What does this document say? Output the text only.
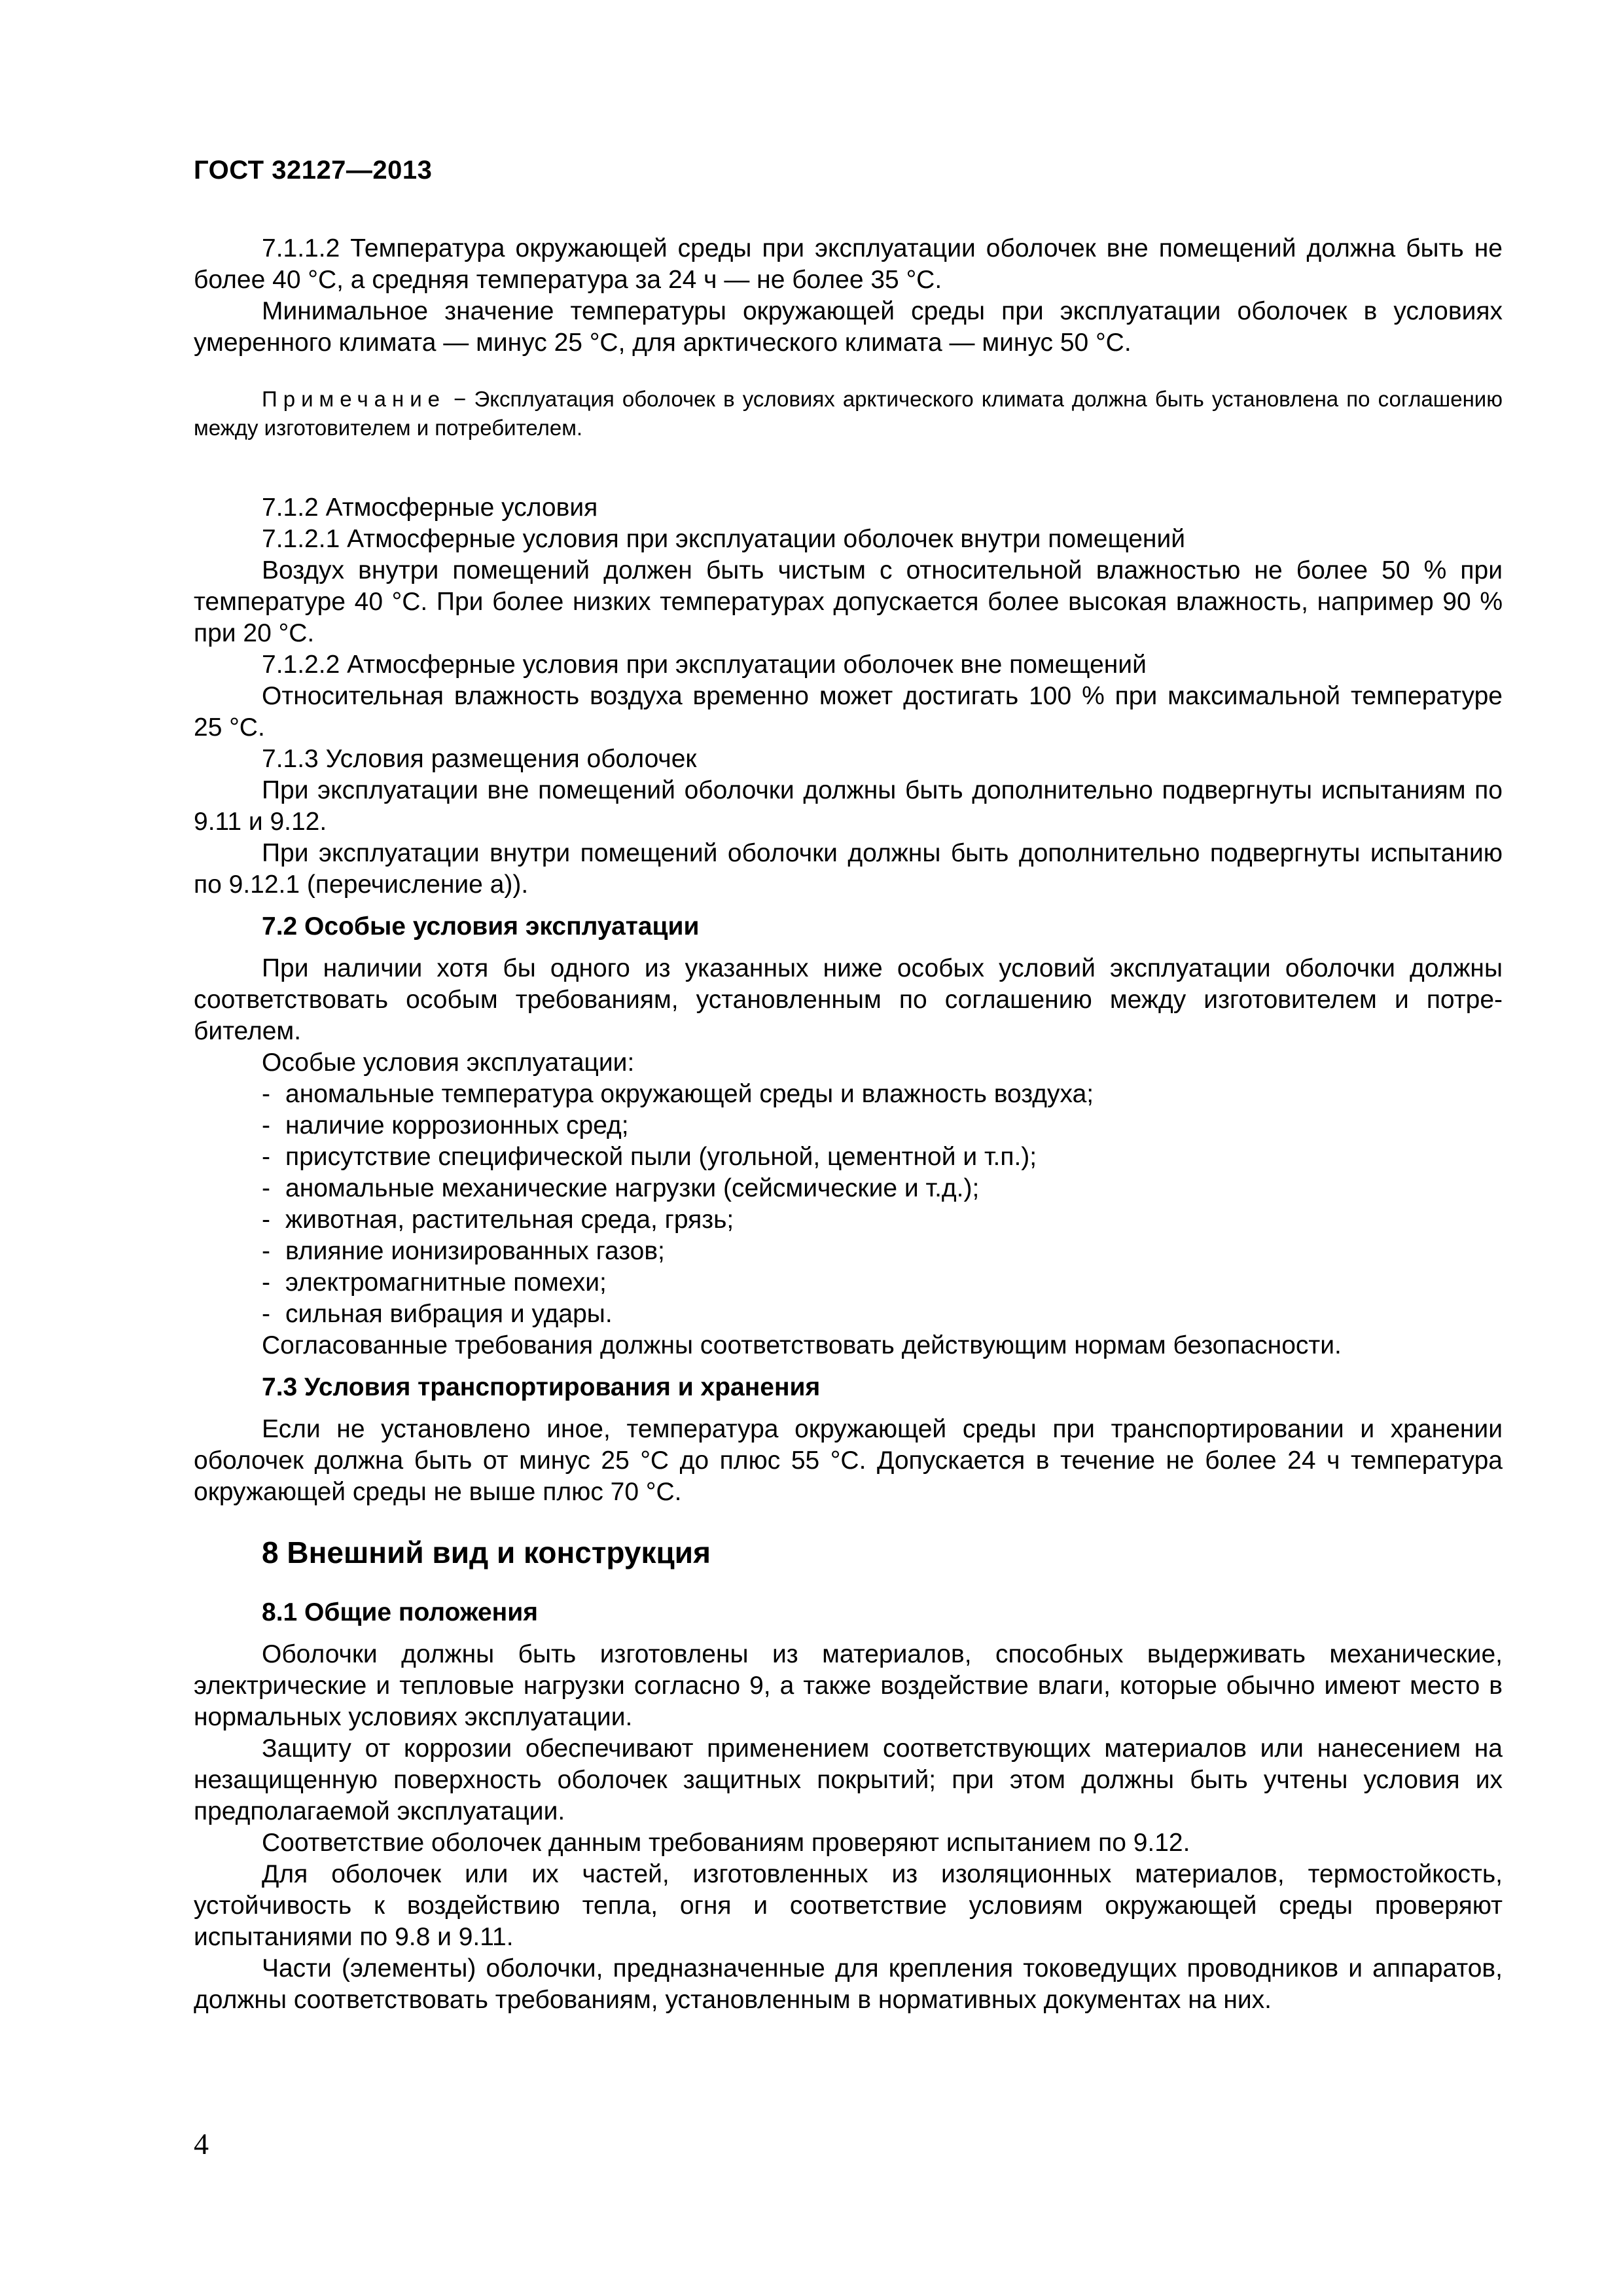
ГОСТ 32127—2013

7.1.1.2 Температура окружающей среды при эксплуатации оболочек вне помещений должна быть не более 40 °С, а средняя температура за 24 ч — не более 35 °С.

Минимальное значение температуры окружающей среды при эксплуатации оболочек в условиях умеренного климата — минус 25 °С, для арктического климата — минус 50 °С.

Примечание − Эксплуатация оболочек в условиях арктического климата должна быть установлена по соглашению между изготовителем и потребителем.

7.1.2 Атмосферные условия

7.1.2.1 Атмосферные условия при эксплуатации оболочек внутри помещений

Воздух внутри помещений должен быть чистым с относительной влажностью не более 50 % при температуре 40 °С. При более низких температурах допускается более высокая влажность, например 90 % при 20 °С.

7.1.2.2 Атмосферные условия при эксплуатации оболочек вне помещений

Относительная влажность воздуха временно может достигать 100 % при максимальной температуре 25 °С.

7.1.3 Условия размещения оболочек

При эксплуатации вне помещений оболочки должны быть дополнительно подвергнуты испытаниям по 9.11 и 9.12.

При эксплуатации внутри помещений оболочки должны быть дополнительно подвергнуты испытанию по 9.12.1 (перечисление а)).

7.2 Особые условия эксплуатации

При наличии хотя бы одного из указанных ниже особых условий эксплуатации оболочки должны соответствовать особым требованиям, установленным по соглашению между изготовителем и потре-бителем.

Особые условия эксплуатации:

- аномальные температура окружающей среды и влажность воздуха;
- наличие коррозионных сред;
- присутствие специфической пыли (угольной, цементной и т.п.);
- аномальные механические нагрузки (сейсмические и т.д.);
- животная, растительная среда, грязь;
- влияние ионизированных газов;
- электромагнитные помехи;
- сильная вибрация и удары.

Согласованные требования должны соответствовать действующим нормам безопасности.

7.3 Условия транспортирования и хранения

Если не установлено иное, температура окружающей среды при транспортировании и хранении оболочек должна быть от минус 25 °С до плюс 55 °С. Допускается в течение не более 24 ч температура окружающей среды не выше плюс 70 °С.

8 Внешний вид и конструкция

8.1 Общие положения

Оболочки должны быть изготовлены из материалов, способных выдерживать механические, электрические и тепловые нагрузки согласно 9, а также воздействие влаги, которые обычно имеют место в нормальных условиях эксплуатации.

Защиту от коррозии обеспечивают применением соответствующих материалов или нанесением на незащищенную поверхность оболочек защитных покрытий; при этом должны быть учтены условия их предполагаемой эксплуатации.

Соответствие оболочек данным требованиям проверяют испытанием по 9.12.

Для оболочек или их частей, изготовленных из изоляционных материалов, термостойкость, устойчивость к воздействию тепла, огня и соответствие условиям окружающей среды проверяют испытаниями по 9.8 и 9.11.

Части (элементы) оболочки, предназначенные для крепления токоведущих проводников и аппаратов, должны соответствовать требованиям, установленным в нормативных документах на них.

4
